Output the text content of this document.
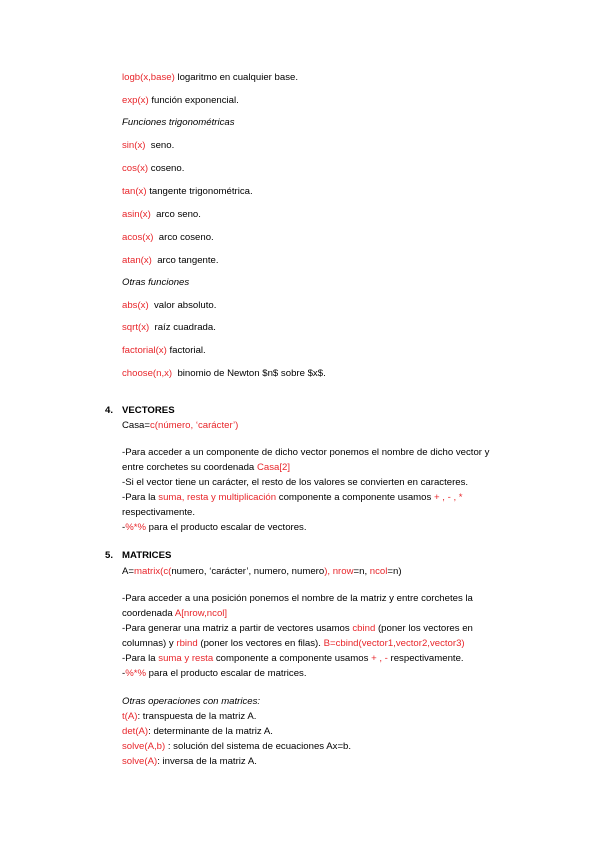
logb(x,base) logaritmo en cualquier base.
exp(x) función exponencial.
Funciones trigonométricas
sin(x) seno.
cos(x) coseno.
tan(x) tangente trigonométrica.
asin(x) arco seno.
acos(x) arco coseno.
atan(x) arco tangente.
Otras funciones
abs(x) valor absoluto.
sqrt(x) raíz cuadrada.
factorial(x) factorial.
choose(n,x) binomio de Newton $n$ sobre $x$.
4. VECTORES
Casa=c(número, ‘carácter’)
-Para acceder a un componente de dicho vector ponemos el nombre de dicho vector y
entre corchetes su coordenada Casa[2]
-Si el vector tiene un carácter, el resto de los valores se convierten en caracteres.
-Para la suma, resta y multiplicación componente a componente usamos + , - , *
respectivamente.
-%*% para el producto escalar de vectores.
5. MATRICES
A=matrix(c(numero, ‘carácter’, numero, numero), nrow=n, ncol=n)
-Para acceder a una posición ponemos el nombre de la matriz y entre corchetes la
coordenada A[nrow,ncol]
-Para generar una matriz a partir de vectores usamos cbind (poner los vectores en
columnas) y rbind (poner los vectores en filas). B=cbind(vector1,vector2,vector3)
-Para la suma y resta componente a componente usamos + , - respectivamente.
-%*% para el producto escalar de matrices.
Otras operaciones con matrices:
t(A): transpuesta de la matriz A.
det(A): determinante de la matriz A.
solve(A,b) : solución del sistema de ecuaciones Ax=b.
solve(A): inversa de la matriz A.
